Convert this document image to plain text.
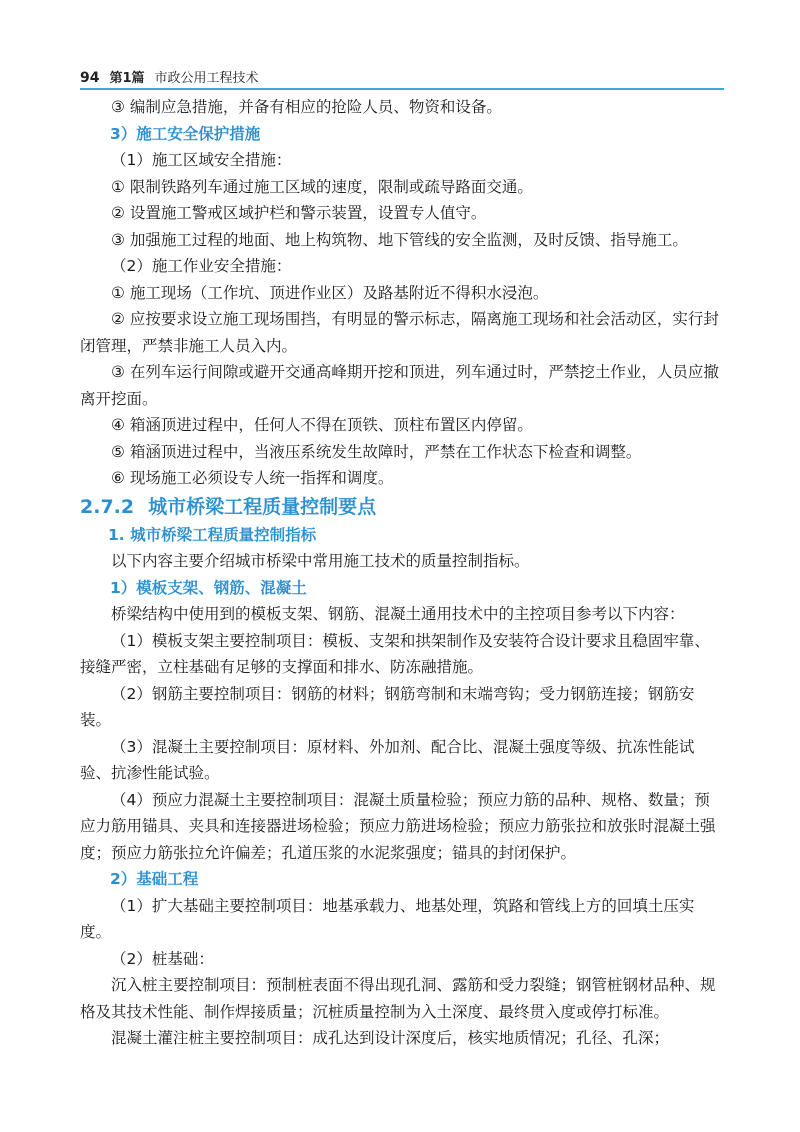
94 第1篇 市政公用工程技术

③ 编制应急措施，并备有相应的抢险人员、物资和设备。

3）施工安全保护措施

（1）施工区域安全措施：

① 限制铁路列车通过施工区域的速度，限制或疏导路面交通。

② 设置施工警戒区域护栏和警示装置，设置专人值守。

③ 加强施工过程的地面、地上构筑物、地下管线的安全监测，及时反馈、指导施工。

（2）施工作业安全措施：

① 施工现场（工作坑、顶进作业区）及路基附近不得积水浸泡。

② 应按要求设立施工现场围挡，有明显的警示标志，隔离施工现场和社会活动区，实行封闭管理，严禁非施工人员入内。

③ 在列车运行间隙或避开交通高峰期开挖和顶进，列车通过时，严禁挖土作业，人员应撤离开挖面。

④ 箱涵顶进过程中，任何人不得在顶铁、顶柱布置区内停留。

⑤ 箱涵顶进过程中，当液压系统发生故障时，严禁在工作状态下检查和调整。

⑥ 现场施工必须设专人统一指挥和调度。

2.7.2 城市桥梁工程质量控制要点

1. 城市桥梁工程质量控制指标

以下内容主要介绍城市桥梁中常用施工技术的质量控制指标。

1）模板支架、钢筋、混凝土

桥梁结构中使用到的模板支架、钢筋、混凝土通用技术中的主控项目参考以下内容：

（1）模板支架主要控制项目：模板、支架和拱架制作及安装符合设计要求且稳固牢靠、接缝严密，立柱基础有足够的支撑面和排水、防冻融措施。

（2）钢筋主要控制项目：钢筋的材料；钢筋弯制和末端弯钩；受力钢筋连接；钢筋安装。

（3）混凝土主要控制项目：原材料、外加剂、配合比、混凝土强度等级、抗冻性能试验、抗渗性能试验。

（4）预应力混凝土主要控制项目：混凝土质量检验；预应力筋的品种、规格、数量；预应力筋用锚具、夹具和连接器进场检验；预应力筋进场检验；预应力筋张拉和放张时混凝土强度；预应力筋张拉允许偏差；孔道压浆的水泥浆强度；锚具的封闭保护。

2）基础工程

（1）扩大基础主要控制项目：地基承载力、地基处理，筑路和管线上方的回填土压实度。

（2）桩基础：

沉入桩主要控制项目：预制桩表面不得出现孔洞、露筋和受力裂缝；钢管桩钢材品种、规格及其技术性能、制作焊接质量；沉桩质量控制为入土深度、最终贯入度或停打标准。

混凝土灌注桩主要控制项目：成孔达到设计深度后，核实地质情况；孔径、孔深；
